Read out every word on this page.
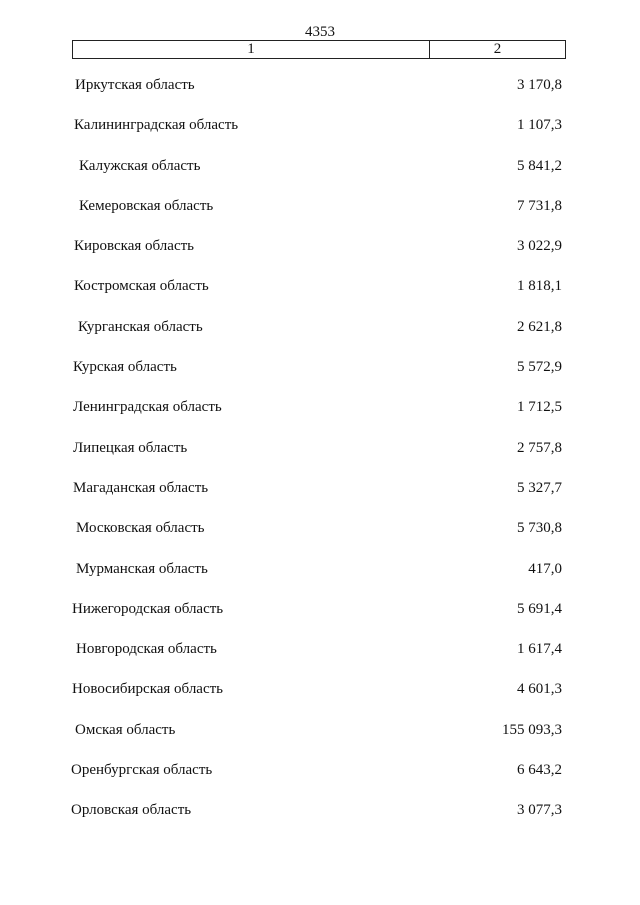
4353
1	2
Иркутская область	3 170,8
Калининградская область	1 107,3
Калужская область	5 841,2
Кемеровская область	7 731,8
Кировская область	3 022,9
Костромская область	1 818,1
Курганская область	2 621,8
Курская область	5 572,9
Ленинградская область	1 712,5
Липецкая область	2 757,8
Магаданская область	5 327,7
Московская область	5 730,8
Мурманская область	417,0
Нижегородская область	5 691,4
Новгородская область	1 617,4
Новосибирская область	4 601,3
Омская область	155 093,3
Оренбургская область	6 643,2
Орловская область	3 077,3
